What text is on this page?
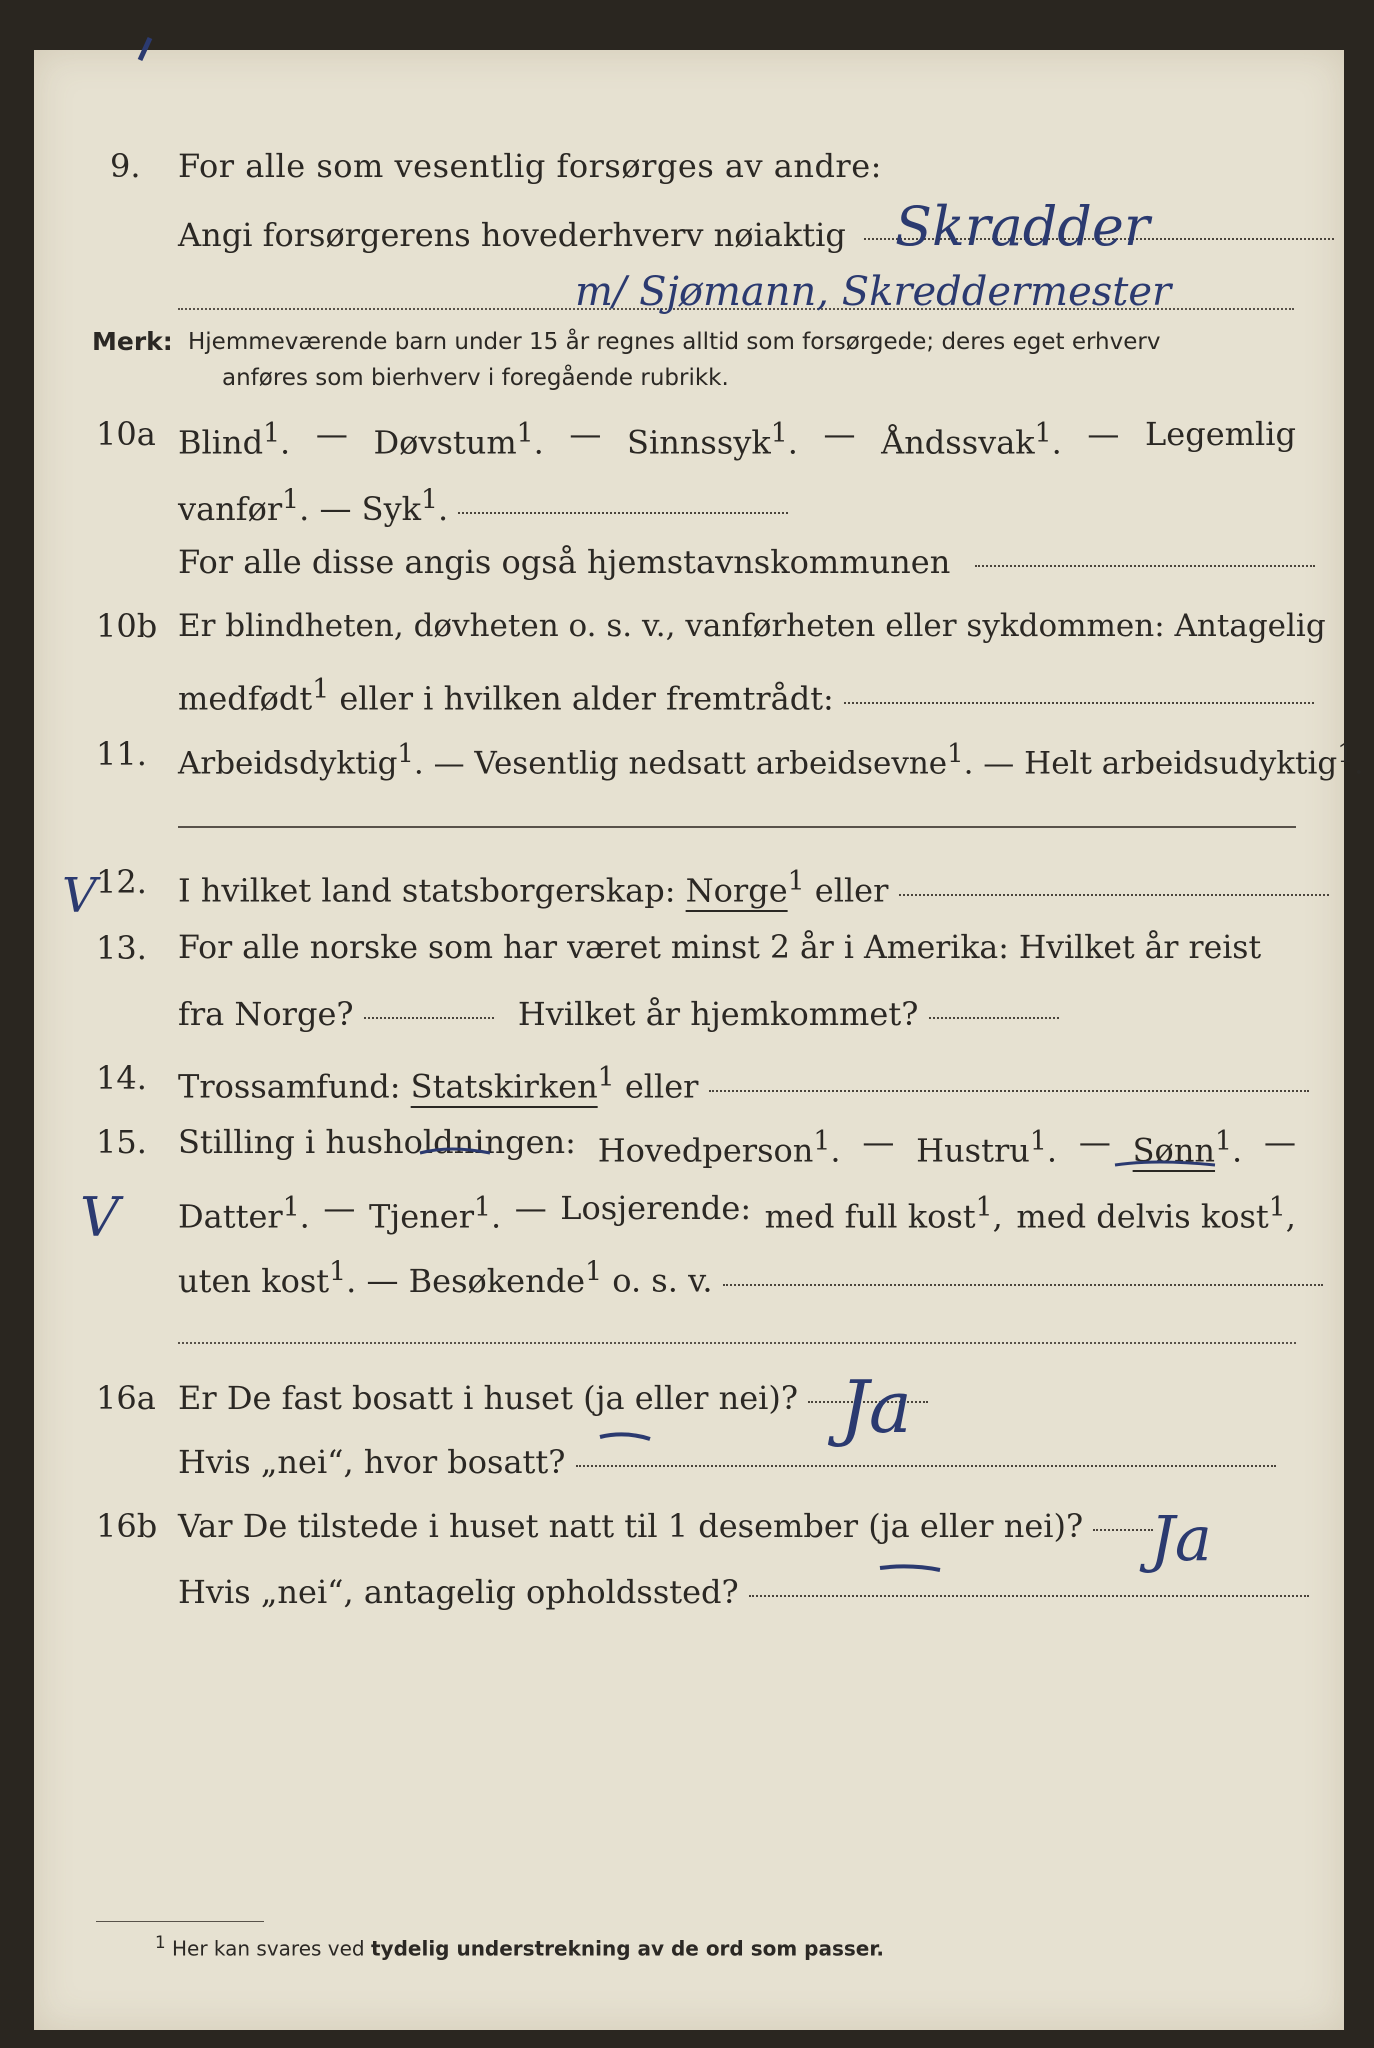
9. For alle som vesentlig forsørges av andre:
Angi forsørgerens hovederhverv nøiaktig
Merk: Hjemmeværende barn under 15 år regnes alltid som forsørgede; deres eget erhverv
anføres som bierhverv i foregående rubrikk.
10a Blind$^1$. — Døvstum$^1$. — Sinnssyk$^1$. — Åndssvak$^1$. — Legemlig
vanfør$^1$. — Syk$^1$.
For alle disse angis også hjemstavnskommunen
10b Er blindheten, døvheten o. s. v., vanførheten eller sykdommen: Antagelig
medfødt$^1$ eller i hvilken alder fremtrådt:
11. Arbeidsdyktig$^1$. — Vesentlig nedsatt arbeidsevne$^1$. — Helt arbeidsudyktig$^1$.
12. I hvilket land statsborgerskap: Norge$^1$ eller
13. For alle norske som har været minst 2 år i Amerika: Hvilket år reist
fra Norge?	Hvilket år hjemkommet?
14. Trossamfund: Statskirken$^1$ eller
15. Stilling i husholdningen: Hovedperson$^1$. — Hustru$^1$. — Sønn$^1$. —
Datter$^1$. — Tjener$^1$. — Losjerende: med full kost$^1$, med delvis kost$^1$,
uten kost$^1$. — Besøkende$^1$ o. s. v.
16a Er De fast bosatt i huset (ja eller nei)?
Hvis „nei“, hvor bosatt?
16b Var De tilstede i huset natt til 1 desember (ja eller nei)?
Hvis „nei“, antagelig opholdssted?
$^1$ Her kan svares ved tydelig understrekning av de ord som passer.
Skradder
m/ Sjømann, Skreddermester
V
V
Ja
Ja
